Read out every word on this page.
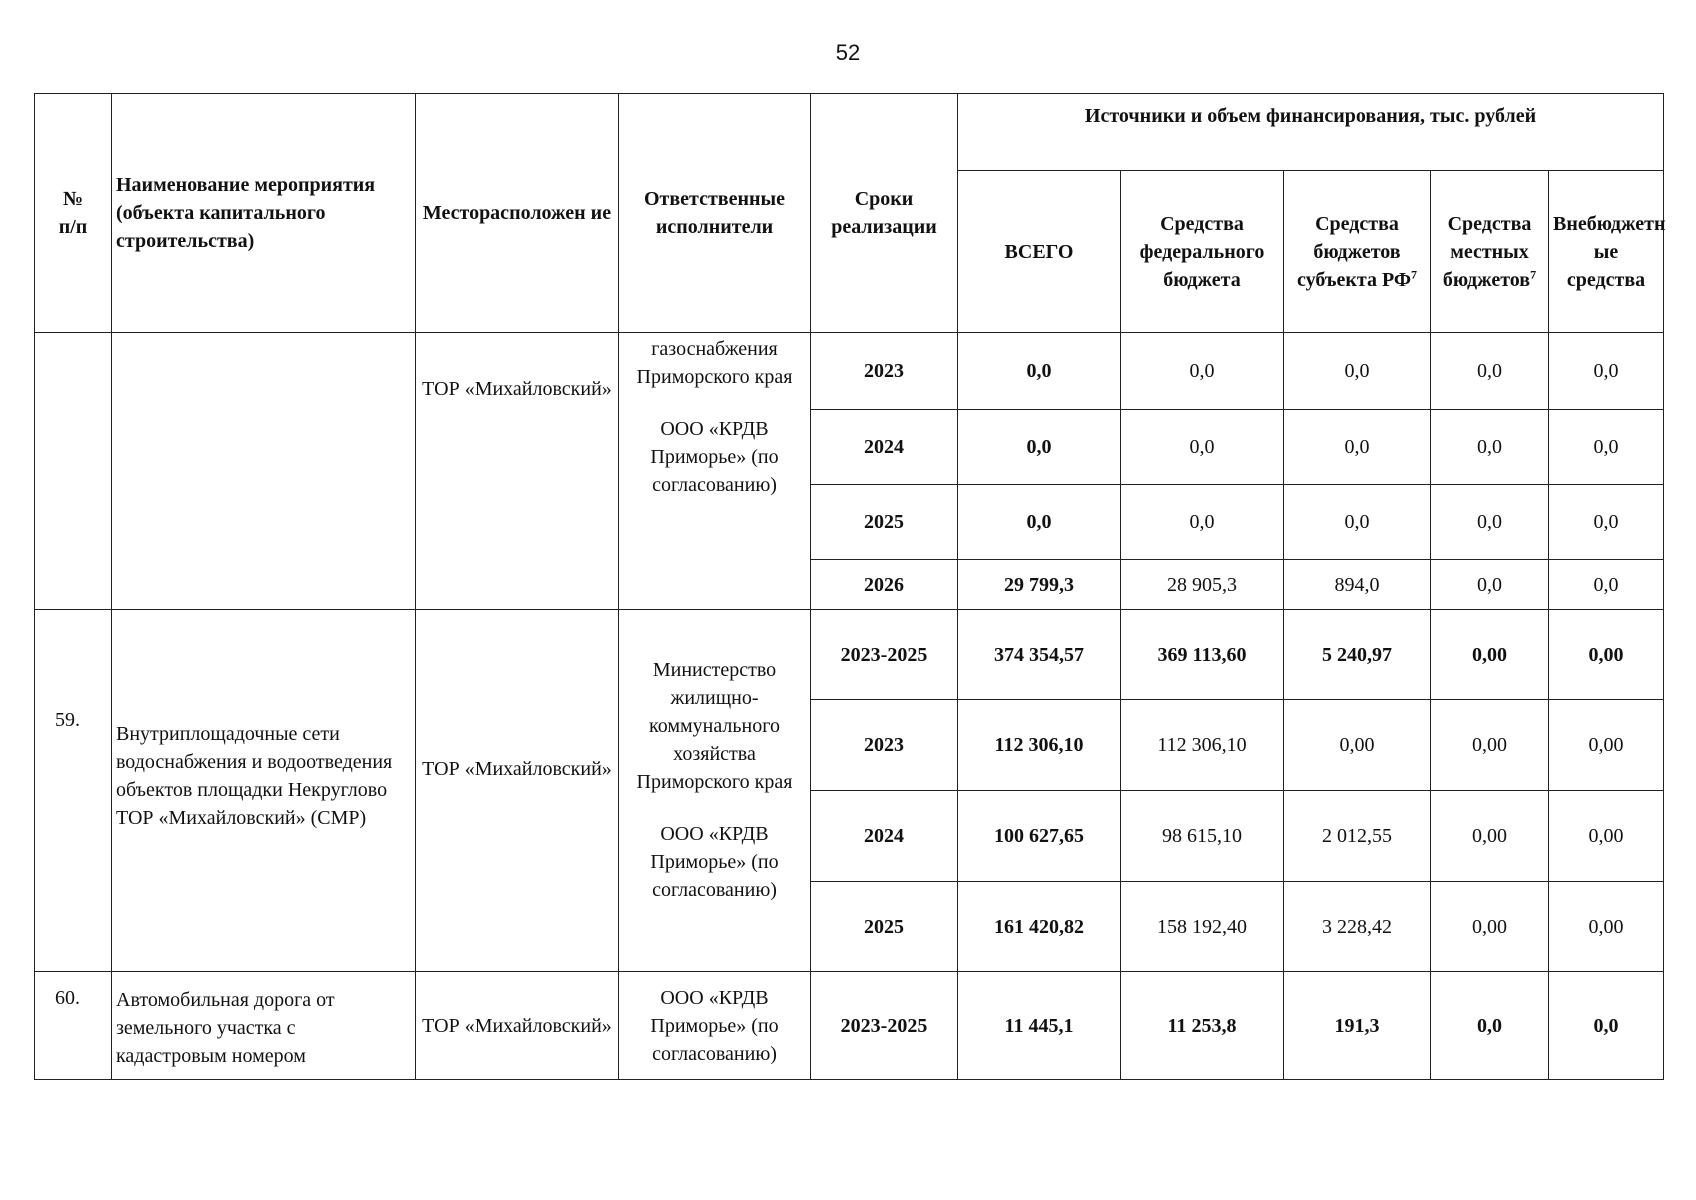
52
№
п/п	Наименование мероприятия (объекта капитального строительства)	Месторасположен ие	Ответственные исполнители	Сроки реализации	Источники и объем финансирования, тыс. рублей				
					ВСЕГО	Средства федерального бюджета	Средства бюджетов субъекта $РФ^7$	Средства местных бюджетов$^7$	Внебюджетн ые средства
		ТОР «Михайловский»	газоснабжения Приморского края
ООО «КРДВ Приморье» (по согласованию)	2023	0,0	0,0	0,0	0,0	0,0
				2024	0,0	0,0	0,0	0,0	0,0
				2025	0,0	0,0	0,0	0,0	0,0
				2026	29 799,3	28 905,3	894,0	0,0	0,0
59.	Внутриплощадочные сети водоснабжения и водоотведения объектов площадки Некруглово ТОР «Михайловский» (СМР)	ТОР «Михайловский»	Министерство жилищно-коммунального хозяйства Приморского края
ООО «КРДВ Приморье» (по согласованию)	2023-2025	374 354,57	369 113,60	5 240,97	0,00	0,00
				2023	112 306,10	112 306,10	0,00	0,00	0,00
				2024	100 627,65	98 615,10	2 012,55	0,00	0,00
				2025	161 420,82	158 192,40	3 228,42	0,00	0,00
60.	Автомобильная дорога от земельного участка с кадастровым номером	ТОР «Михайловский»	ООО «КРДВ Приморье» (по согласованию)	2023-2025	11 445,1	11 253,8	191,3	0,0	0,0
